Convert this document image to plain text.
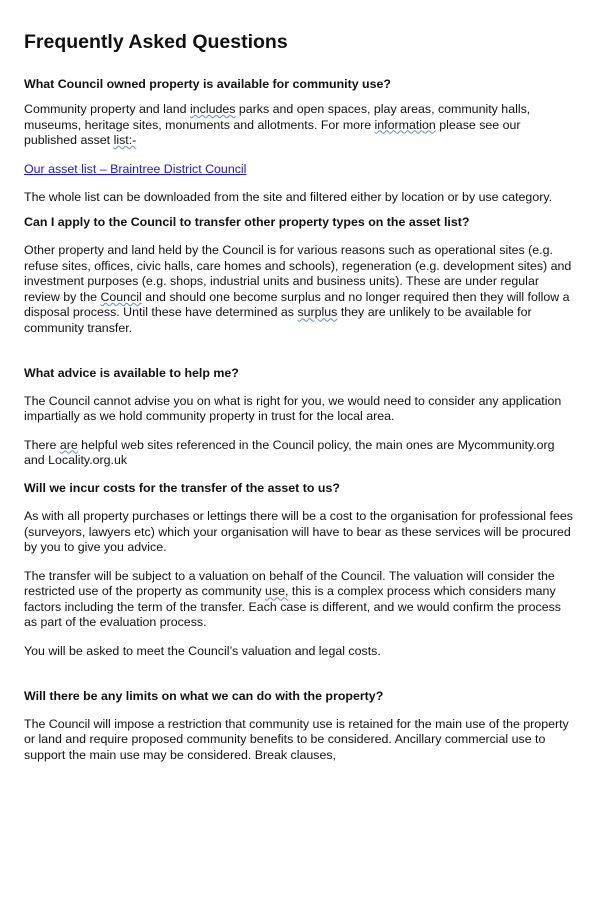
Frequently Asked Questions
What Council owned property is available for community use?

Community property and land includes parks and open spaces, play areas, community halls, museums, heritage sites, monuments and allotments. For more information please see our published asset list:-

Our asset list – Braintree District Council

The whole list can be downloaded from the site and filtered either by location or by use category.

Can I apply to the Council to transfer other property types on the asset list?

Other property and land held by the Council is for various reasons such as operational sites (e.g. refuse sites, offices, civic halls, care homes and schools), regeneration (e.g. development sites) and investment purposes (e.g. shops, industrial units and business units). These are under regular review by the Council and should one become surplus and no longer required then they will follow a disposal process. Until these have determined as surplus they are unlikely to be available for community transfer.

What advice is available to help me?

The Council cannot advise you on what is right for you, we would need to consider any application impartially as we hold community property in trust for the local area.

There are helpful web sites referenced in the Council policy, the main ones are Mycommunity.org and Locality.org.uk

Will we incur costs for the transfer of the asset to us?

As with all property purchases or lettings there will be a cost to the organisation for professional fees (surveyors, lawyers etc) which your organisation will have to bear as these services will be procured by you to give you advice.

The transfer will be subject to a valuation on behalf of the Council. The valuation will consider the restricted use of the property as community use, this is a complex process which considers many factors including the term of the transfer. Each case is different, and we would confirm the process as part of the evaluation process.

You will be asked to meet the Council’s valuation and legal costs.

Will there be any limits on what we can do with the property?

The Council will impose a restriction that community use is retained for the main use of the property or land and require proposed community benefits to be considered. Ancillary commercial use to support the main use may be considered. Break clauses,
